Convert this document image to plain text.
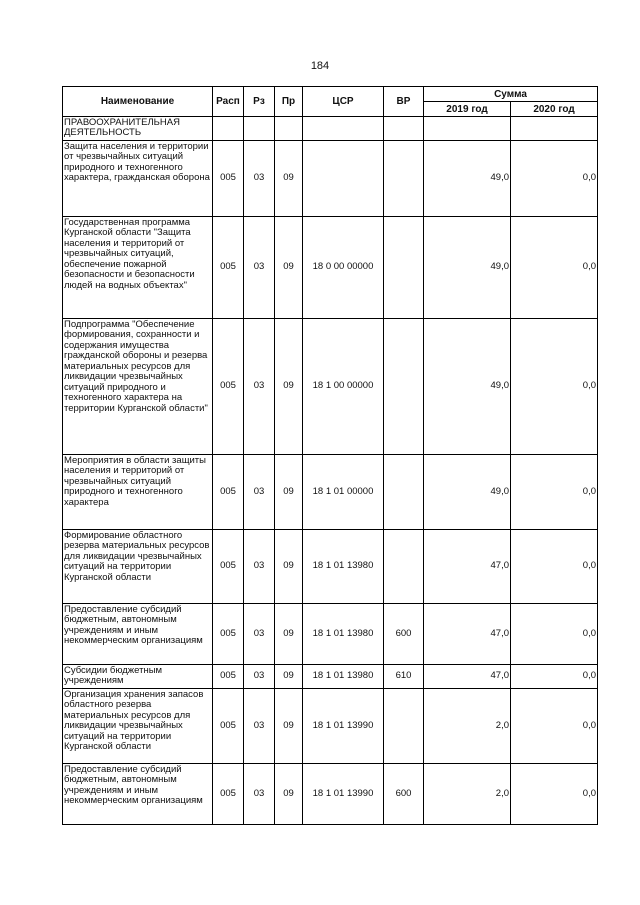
184
Наименование	Расп	Рз	Пр	ЦСР	ВР	Сумма	
						2019 год	2020 год
ПРАВООХРАНИТЕЛЬНАЯ ДЕЯТЕЛЬНОСТЬ							
Защита населения и территории от чрезвычайных ситуаций природного и техногенного характера, гражданская оборона	005	03	09			49,0	0,0
Государственная программа Курганской области "Защита населения и территорий от чрезвычайных ситуаций, обеспечение пожарной безопасности и безопасности людей на водных объектах"	005	03	09	18 0 00 00000		49,0	0,0
Подпрограмма "Обеспечение формирования, сохранности и содержания имущества гражданской обороны и резерва материальных ресурсов для ликвидации чрезвычайных ситуаций природного и техногенного характера на территории Курганской области"	005	03	09	18 1 00 00000		49,0	0,0
Мероприятия в области защиты населения и территорий от чрезвычайных ситуаций природного и техногенного характера	005	03	09	18 1 01 00000		49,0	0,0
Формирование областного резерва материальных ресурсов для ликвидации чрезвычайных ситуаций на территории Курганской области	005	03	09	18 1 01 13980		47,0	0,0
Предоставление субсидий бюджетным, автономным учреждениям и иным некоммерческим организациям	005	03	09	18 1 01 13980	600	47,0	0,0
Субсидии бюджетным учреждениям	005	03	09	18 1 01 13980	610	47,0	0,0
Организация хранения запасов областного резерва материальных ресурсов для ликвидации чрезвычайных ситуаций на территории Курганской области	005	03	09	18 1 01 13990		2,0	0,0
Предоставление субсидий бюджетным, автономным учреждениям и иным некоммерческим организациям	005	03	09	18 1 01 13990	600	2,0	0,0
